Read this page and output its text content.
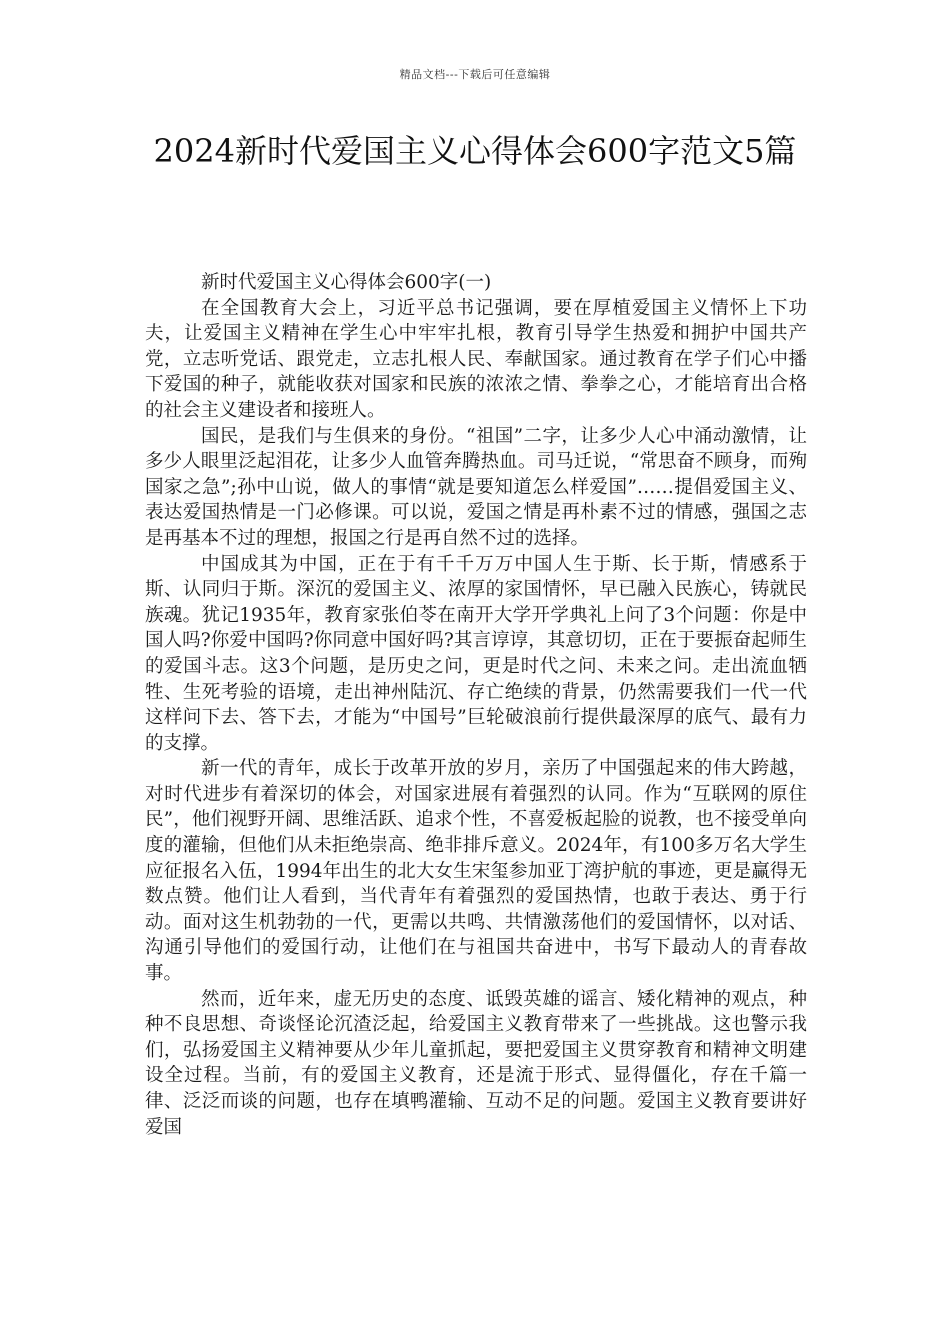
精品文档---下载后可任意编辑
2024新时代爱国主义心得体会600字范文5篇

新时代爱国主义心得体会600字(一)

在全国教育大会上，习近平总书记强调，要在厚植爱国主义情怀上下功夫，让爱国主义精神在学生心中牢牢扎根，教育引导学生热爱和拥护中国共产党，立志听党话、跟党走，立志扎根人民、奉献国家。通过教育在学子们心中播下爱国的种子，就能收获对国家和民族的浓浓之情、拳拳之心，才能培育出合格的社会主义建设者和接班人。

国民，是我们与生俱来的身份。“祖国”二字，让多少人心中涌动激情，让多少人眼里泛起泪花，让多少人血管奔腾热血。司马迁说，“常思奋不顾身，而殉国家之急”;孙中山说，做人的事情“就是要知道怎么样爱国”……提倡爱国主义、表达爱国热情是一门必修课。可以说，爱国之情是再朴素不过的情感，强国之志是再基本不过的理想，报国之行是再自然不过的选择。

中国成其为中国，正在于有千千万万中国人生于斯、长于斯，情感系于斯、认同归于斯。深沉的爱国主义、浓厚的家国情怀，早已融入民族心，铸就民族魂。犹记1935年，教育家张伯苓在南开大学开学典礼上问了3个问题：你是中国人吗?你爱中国吗?你同意中国好吗?其言谆谆，其意切切，正在于要振奋起师生的爱国斗志。这3个问题，是历史之问，更是时代之问、未来之问。走出流血牺牲、生死考验的语境，走出神州陆沉、存亡绝续的背景，仍然需要我们一代一代这样问下去、答下去，才能为“中国号”巨轮破浪前行提供最深厚的底气、最有力的支撑。

新一代的青年，成长于改革开放的岁月，亲历了中国强起来的伟大跨越，对时代进步有着深切的体会，对国家进展有着强烈的认同。作为“互联网的原住民”，他们视野开阔、思维活跃、追求个性，不喜爱板起脸的说教，也不接受单向度的灌输，但他们从未拒绝崇高、绝非排斥意义。2024年，有100多万名大学生应征报名入伍，1994年出生的北大女生宋玺参加亚丁湾护航的事迹，更是赢得无数点赞。他们让人看到，当代青年有着强烈的爱国热情，也敢于表达、勇于行动。面对这生机勃勃的一代，更需以共鸣、共情激荡他们的爱国情怀，以对话、沟通引导他们的爱国行动，让他们在与祖国共奋进中，书写下最动人的青春故事。

然而，近年来，虚无历史的态度、诋毁英雄的谣言、矮化精神的观点，种种不良思想、奇谈怪论沉渣泛起，给爱国主义教育带来了一些挑战。这也警示我们，弘扬爱国主义精神要从少年儿童抓起，要把爱国主义贯穿教育和精神文明建设全过程。当前，有的爱国主义教育，还是流于形式、显得僵化，存在千篇一律、泛泛而谈的问题，也存在填鸭灌输、互动不足的问题。爱国主义教育要讲好爱国
